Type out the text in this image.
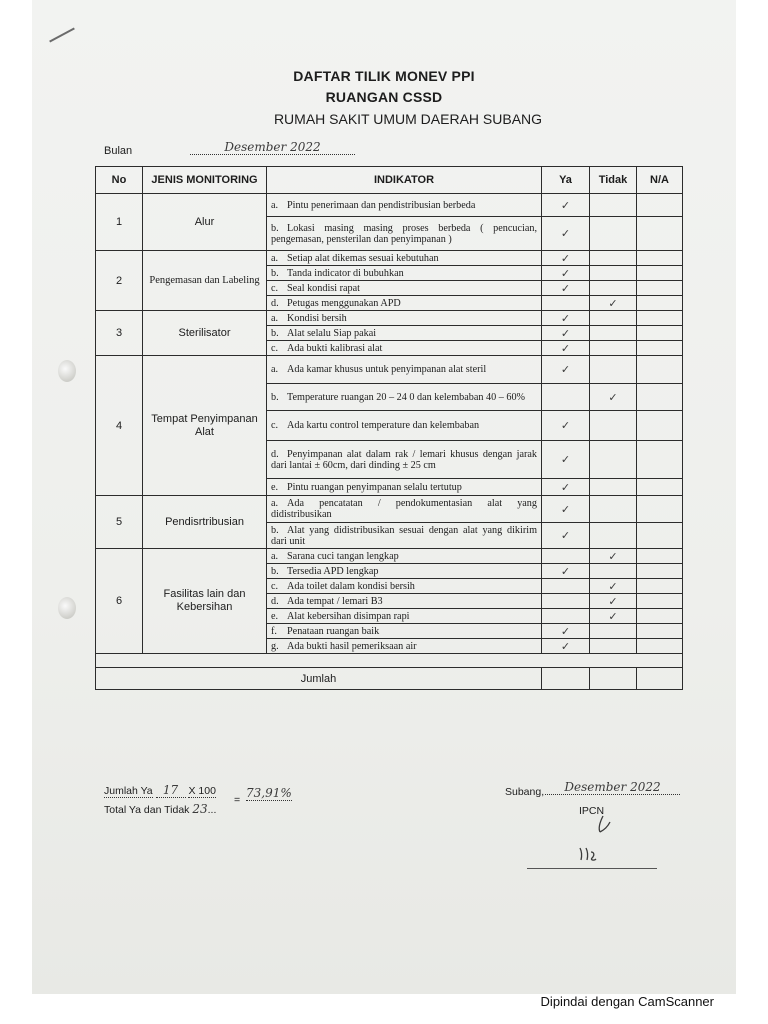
DAFTAR TILIK MONEV PPI
RUANGAN CSSD
RUMAH SAKIT UMUM DAERAH SUBANG
Bulan	Desember 2022
No	JENIS MONITORING	INDIKATOR	Ya	Tidak	N/A
1	Alur	a. Pintu penerimaan dan pendistribusian berbeda	✓		
		b. Lokasi masing masing proses berbeda ( pencucian, pengemasan, pensterilan dan penyimpanan )	✓		
2	Pengemasan dan Labeling	a. Setiap alat dikemas sesuai kebutuhan	✓		
		b. Tanda indicator di bubuhkan	✓		
		c. Seal kondisi rapat	✓		
		d. Petugas menggunakan APD		✓	
3	Sterilisator	a. Kondisi bersih	✓		
		b. Alat selalu Siap pakai	✓		
		c. Ada bukti kalibrasi alat	✓		
4	Tempat Penyimpanan Alat	a. Ada kamar khusus untuk penyimpanan alat steril	✓		
		b. Temperature ruangan 20 – 24 0 dan kelembaban 40 – 60%		✓	
		c. Ada kartu control temperature dan kelembaban	✓		
		d. Penyimpanan alat dalam rak / lemari khusus dengan jarak dari lantai ± 60cm, dari dinding ± 25 cm	✓		
		e. Pintu ruangan penyimpanan selalu tertutup	✓		
5	Pendisrtribusian	a. Ada pencatatan / pendokumentasian alat yang didistribusikan	✓		
		b. Alat yang didistribusikan sesuai dengan alat yang dikirim dari unit	✓		
6	Fasilitas lain dan Kebersihan	a. Sarana cuci tangan lengkap		✓	
		b. Tersedia APD lengkap	✓		
		c. Ada toilet dalam kondisi bersih		✓	
		d. Ada tempat / lemari B3		✓	
		e. Alat kebersihan disimpan rapi		✓	
		f. Penataan ruangan baik	✓		
		g. Ada bukti hasil pemeriksaan air	✓		

Jumlah					
Jumlah Ya 17 X 100
Total Ya dan Tidak 23...
= 73,91%	Subang,	Desember 2022
IPCN
Dipindai dengan CamScanner
